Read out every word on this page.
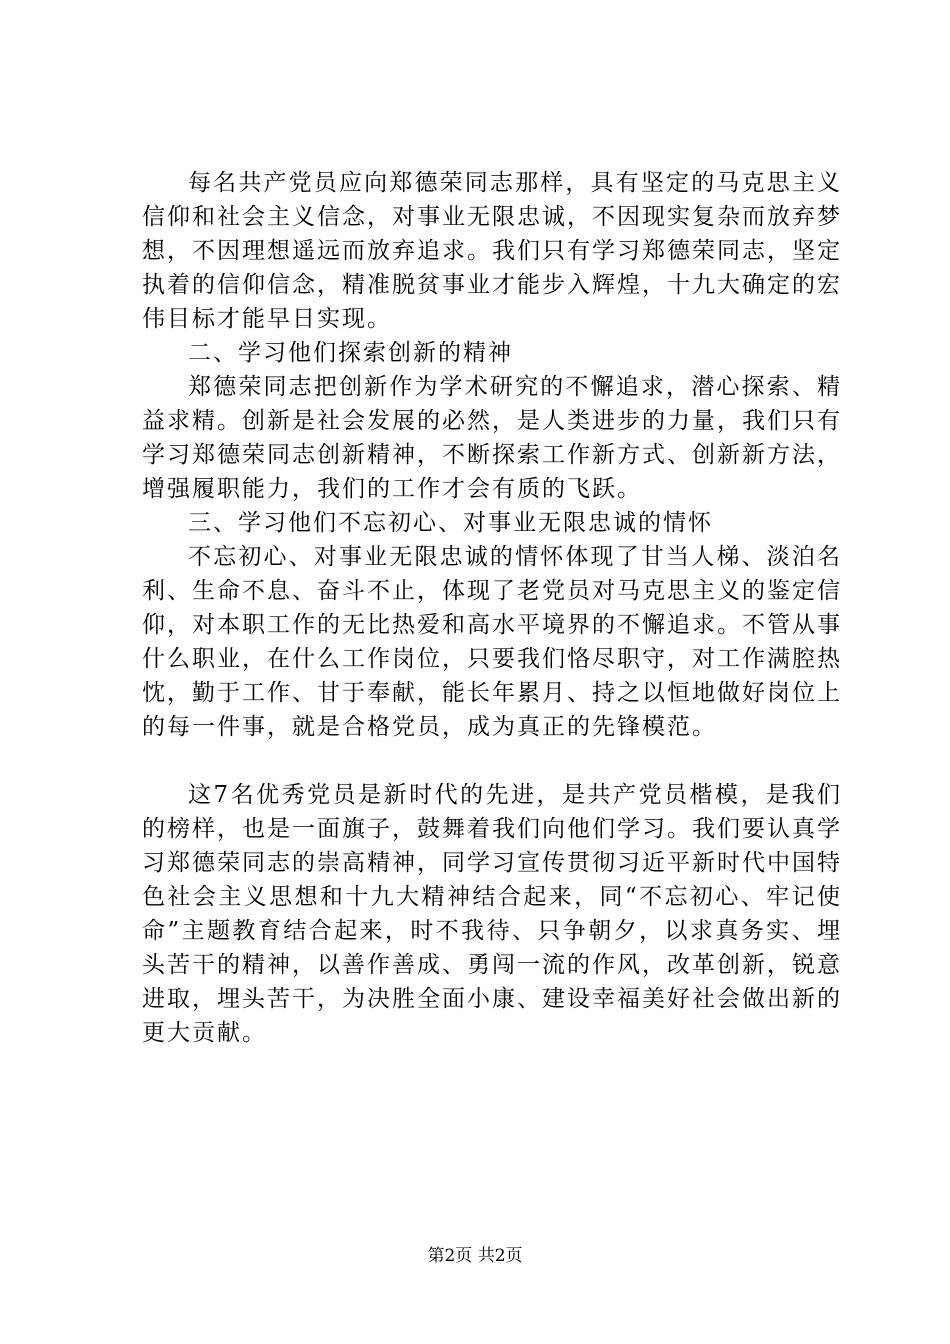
每名共产党员应向郑德荣同志那样，具有坚定的马克思主义信仰和社会主义信念，对事业无限忠诚，不因现实复杂而放弃梦想，不因理想遥远而放弃追求。我们只有学习郑德荣同志，坚定执着的信仰信念，精准脱贫事业才能步入辉煌，十九大确定的宏伟目标才能早日实现。

二、学习他们探索创新的精神

郑德荣同志把创新作为学术研究的不懈追求，潜心探索、精益求精。创新是社会发展的必然，是人类进步的力量，我们只有学习郑德荣同志创新精神，不断探索工作新方式、创新新方法，增强履职能力，我们的工作才会有质的飞跃。

三、学习他们不忘初心、对事业无限忠诚的情怀

不忘初心、对事业无限忠诚的情怀体现了甘当人梯、淡泊名利、生命不息、奋斗不止，体现了老党员对马克思主义的鉴定信仰，对本职工作的无比热爱和高水平境界的不懈追求。不管从事什么职业，在什么工作岗位，只要我们恪尽职守，对工作满腔热忱，勤于工作、甘于奉献，能长年累月、持之以恒地做好岗位上的每一件事，就是合格党员，成为真正的先锋模范。

这7名优秀党员是新时代的先进，是共产党员楷模，是我们的榜样，也是一面旗子，鼓舞着我们向他们学习。我们要认真学习郑德荣同志的崇高精神，同学习宣传贯彻习近平新时代中国特色社会主义思想和十九大精神结合起来，同“不忘初心、牢记使命”主题教育结合起来，时不我待、只争朝夕，以求真务实、埋头苦干的精神，以善作善成、勇闯一流的作风，改革创新，锐意进取，埋头苦干，为决胜全面小康、建设幸福美好社会做出新的更大贡献。

第2页 共2页
